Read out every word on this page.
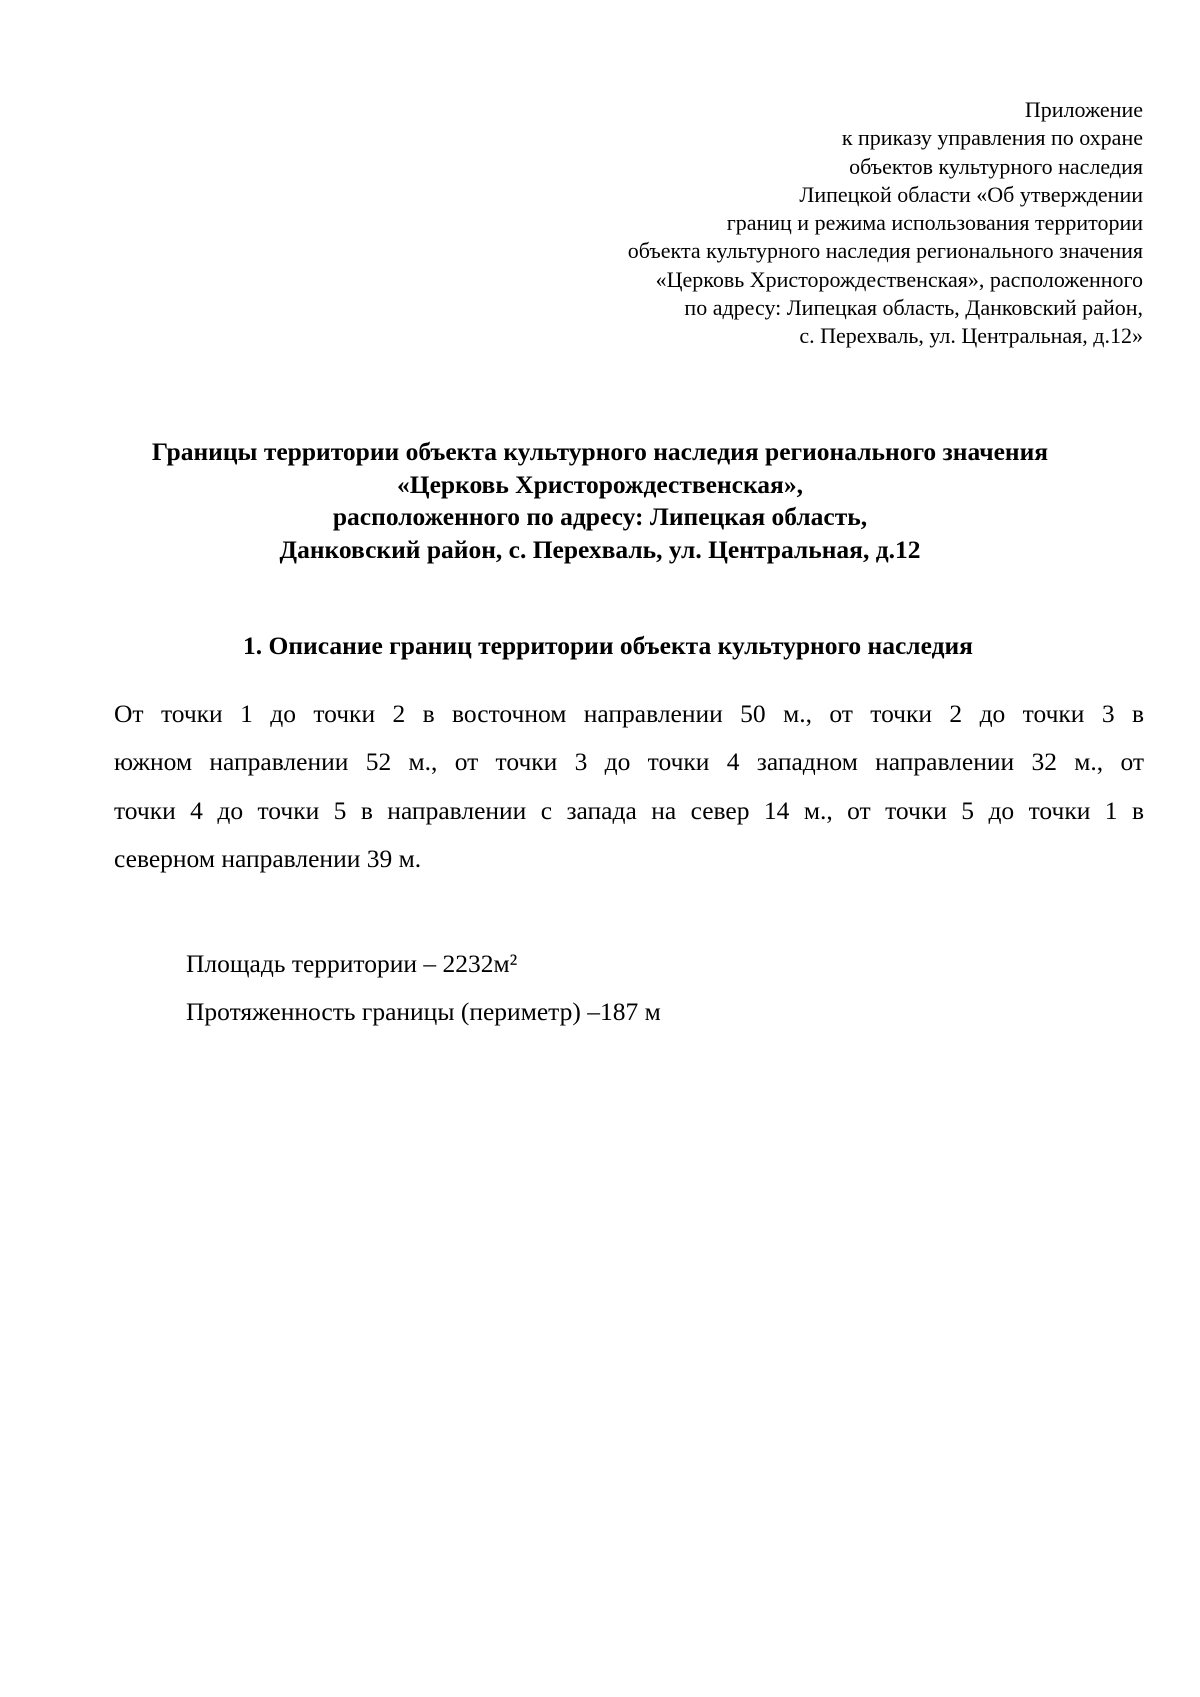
Приложение
к приказу управления по охране
объектов культурного наследия
Липецкой области «Об утверждении
границ и режима использования территории
объекта культурного наследия регионального значения
«Церковь Христорождественская», расположенного
по адресу: Липецкая область, Данковский район,
с. Перехваль, ул. Центральная, д.12»
Границы территории объекта культурного наследия регионального значения
«Церковь Христорождественская»,
расположенного по адресу: Липецкая область,
Данковский район, с. Перехваль, ул. Центральная, д.12
1. Описание границ территории объекта культурного наследия
От точки 1 до точки 2 в восточном направлении 50 м., от точки 2 до точки 3 в
южном направлении 52 м., от точки 3 до точки 4 западном направлении 32 м., от
точки 4 до точки 5 в направлении с запада на север 14 м., от точки 5 до точки 1 в
северном направлении 39 м.
Площадь территории – 2232м²
Протяженность границы (периметр) –187 м
